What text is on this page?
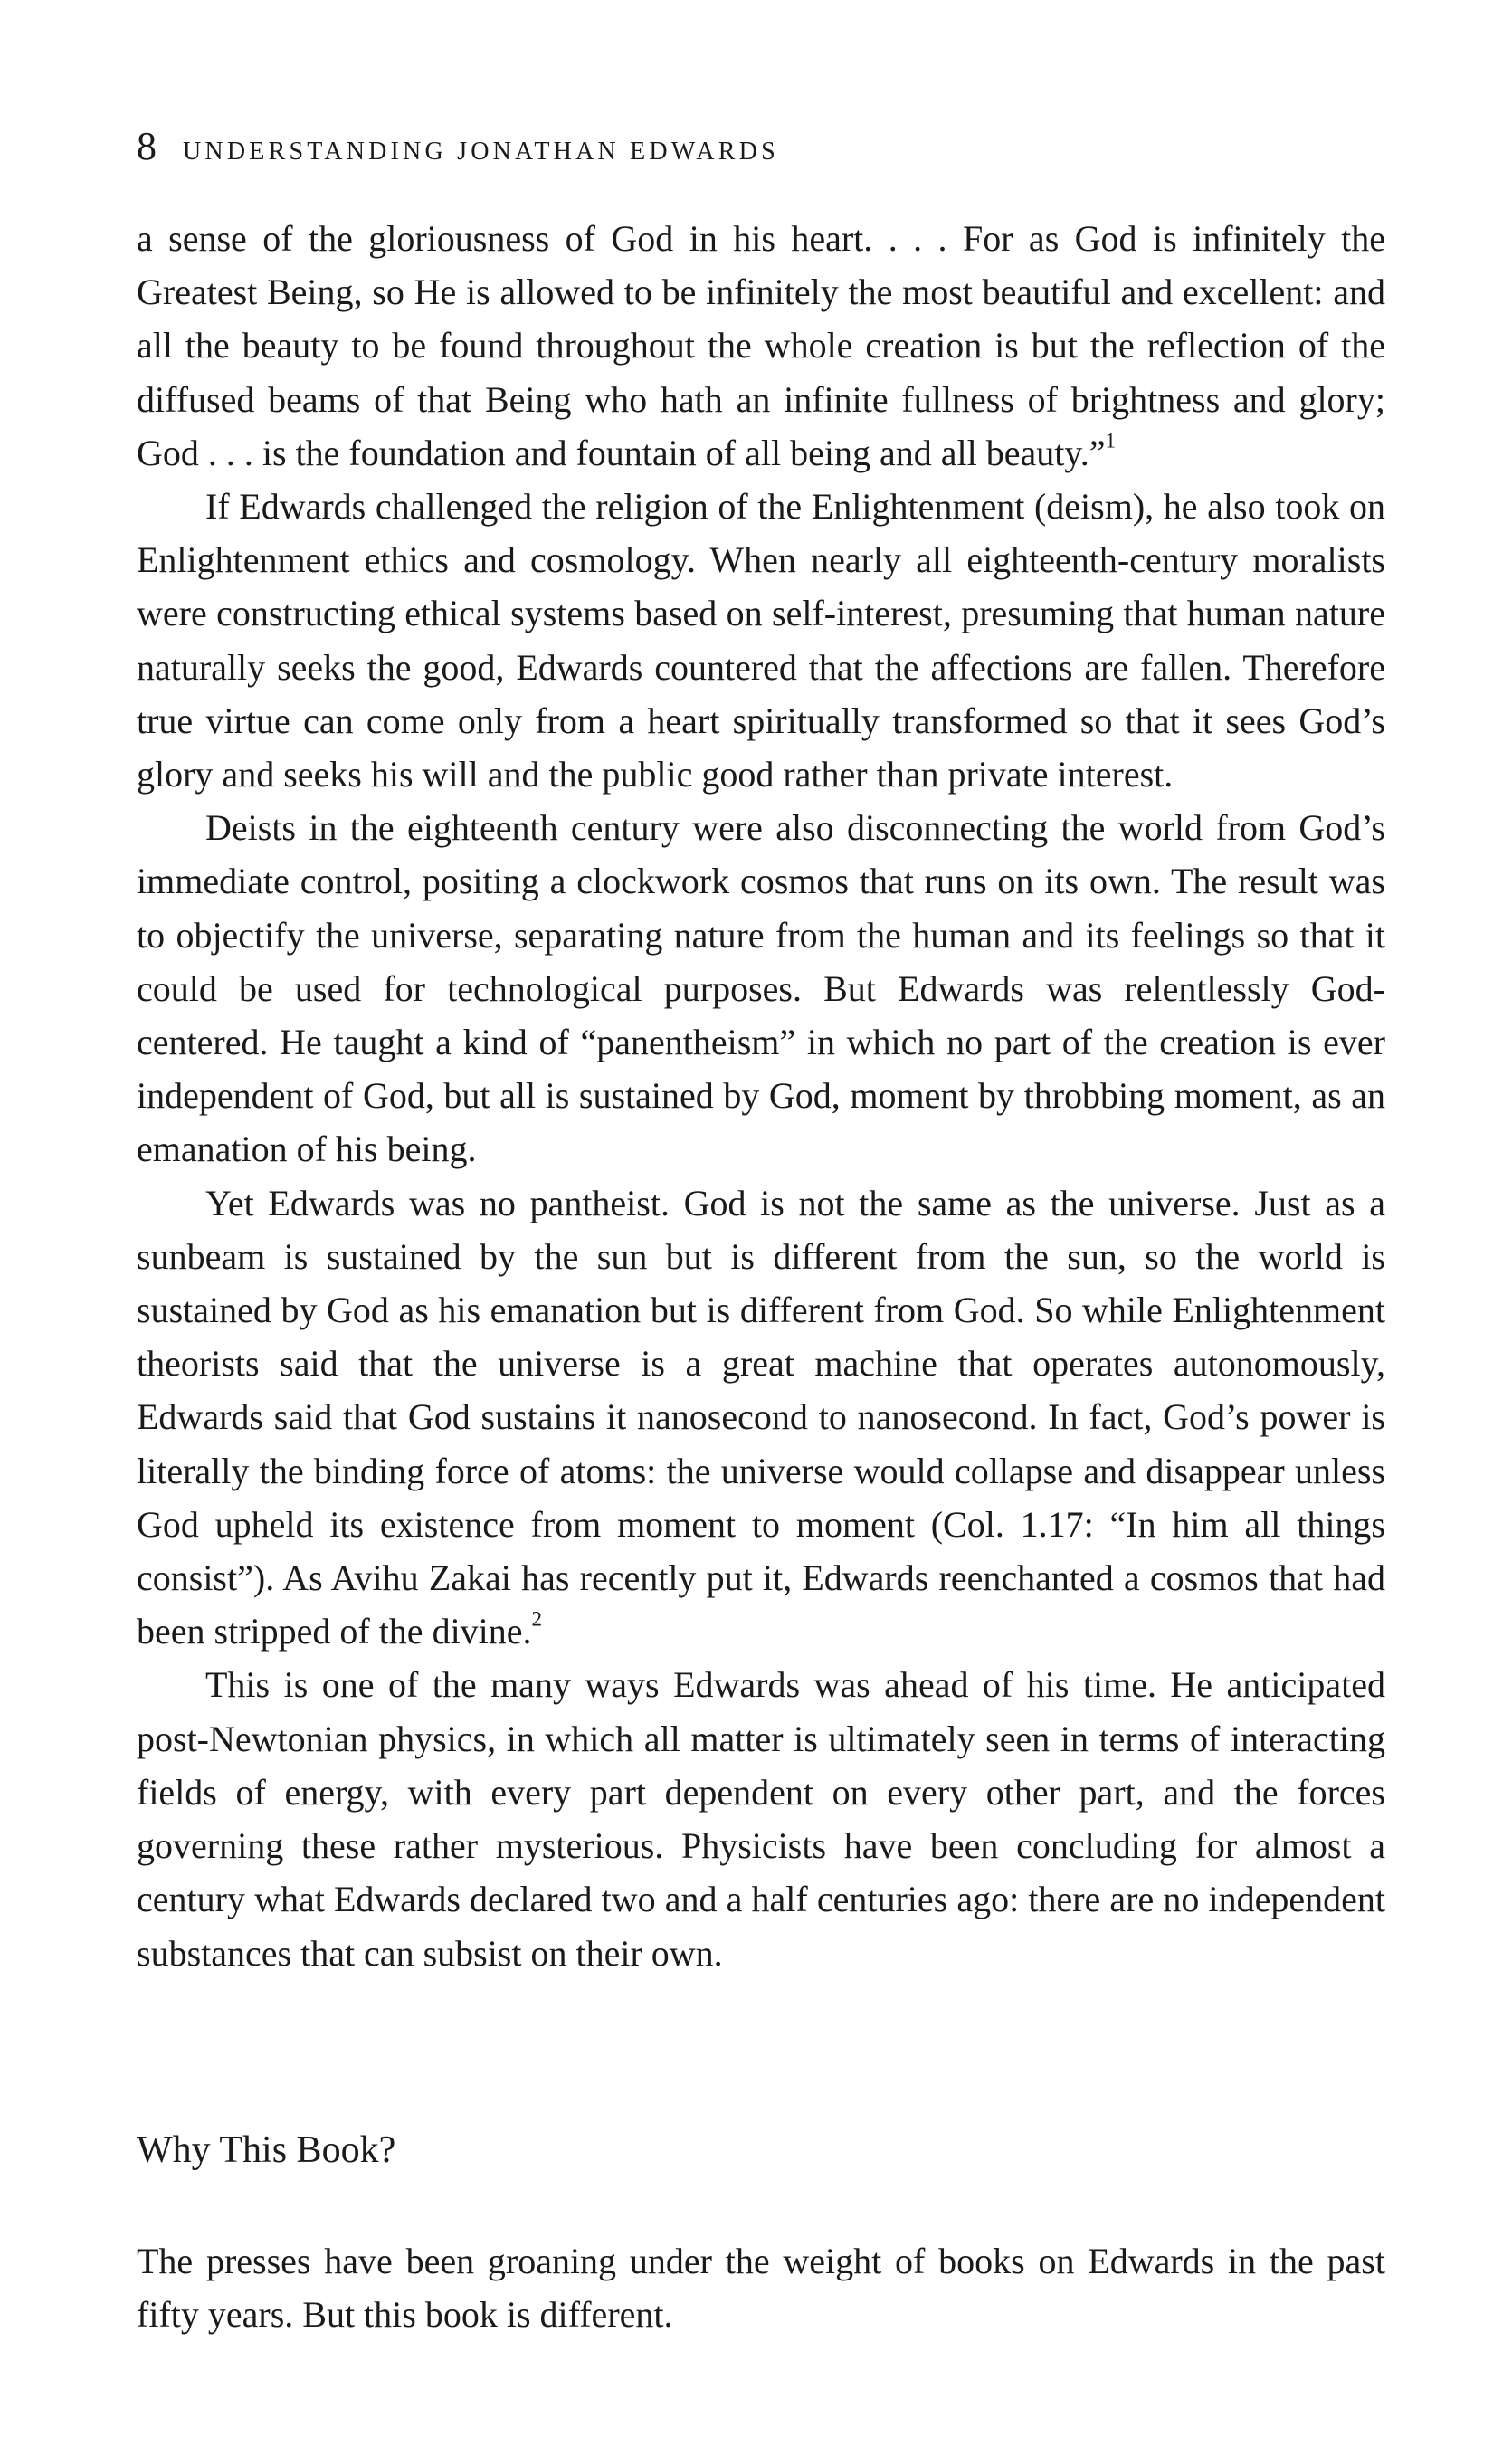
8 UNDERSTANDING JONATHAN EDWARDS

a sense of the gloriousness of God in his heart. . . . For as God is infinitely the Greatest Being, so He is allowed to be infinitely the most beautiful and excellent: and all the beauty to be found throughout the whole creation is but the reflection of the diffused beams of that Being who hath an infinite fullness of brightness and glory; God . . . is the foundation and fountain of all being and all beauty.”$^1$

If Edwards challenged the religion of the Enlightenment (deism), he also took on Enlightenment ethics and cosmology. When nearly all eighteenth-century moralists were constructing ethical systems based on self-interest, presuming that human nature naturally seeks the good, Edwards countered that the affections are fallen. Therefore true virtue can come only from a heart spiritually transformed so that it sees God’s glory and seeks his will and the public good rather than private interest.

Deists in the eighteenth century were also disconnecting the world from God’s immediate control, positing a clockwork cosmos that runs on its own. The result was to objectify the universe, separating nature from the human and its feelings so that it could be used for technological purposes. But Edwards was relentlessly God-centered. He taught a kind of “panentheism” in which no part of the creation is ever independent of God, but all is sustained by God, moment by throbbing moment, as an emanation of his being.

Yet Edwards was no pantheist. God is not the same as the universe. Just as a sunbeam is sustained by the sun but is different from the sun, so the world is sustained by God as his emanation but is different from God. So while Enlightenment theorists said that the universe is a great machine that operates autonomously, Edwards said that God sustains it nanosecond to nanosecond. In fact, God’s power is literally the binding force of atoms: the universe would collapse and disappear unless God upheld its existence from moment to moment (Col. 1.17: “In him all things consist”). As Avihu Zakai has recently put it, Edwards reenchanted a cosmos that had been stripped of the divine.$^2$

This is one of the many ways Edwards was ahead of his time. He anticipated post-Newtonian physics, in which all matter is ultimately seen in terms of interacting fields of energy, with every part dependent on every other part, and the forces governing these rather mysterious. Physicists have been concluding for almost a century what Edwards declared two and a half centuries ago: there are no independent substances that can subsist on their own.

Why This Book?

The presses have been groaning under the weight of books on Edwards in the past fifty years. But this book is different.
